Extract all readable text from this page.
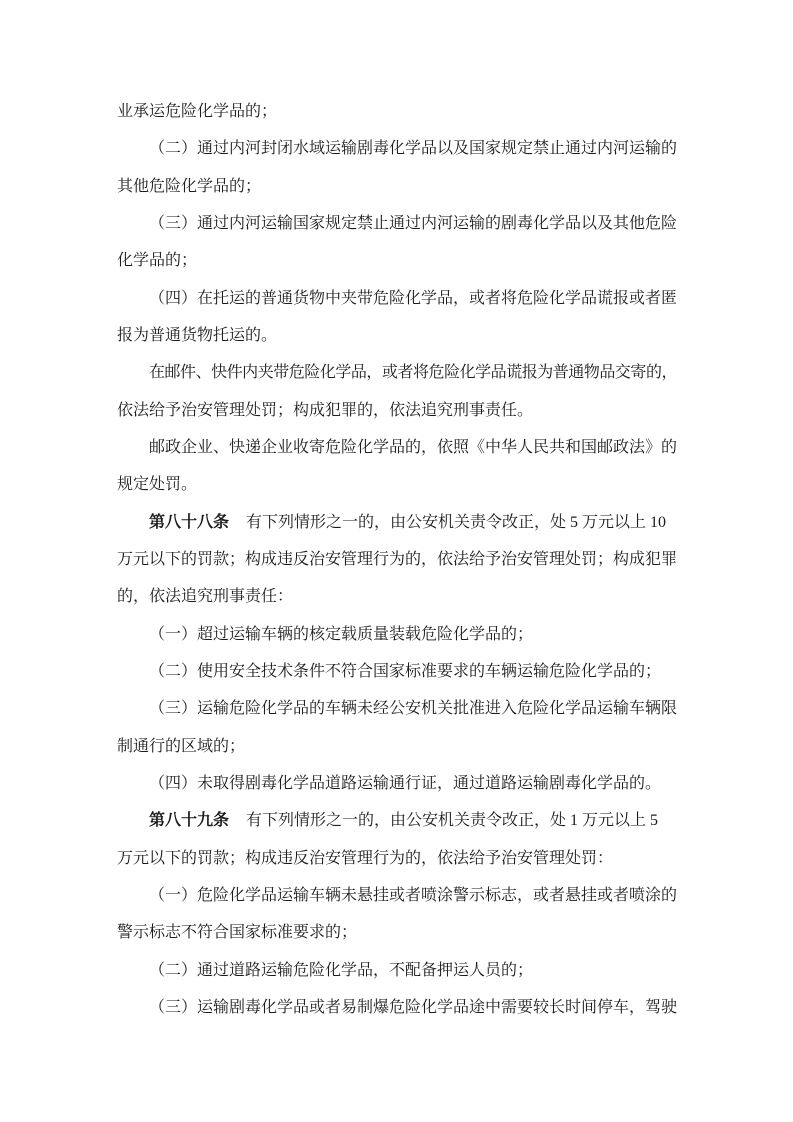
业承运危险化学品的；
（二）通过内河封闭水域运输剧毒化学品以及国家规定禁止通过内河运输的
其他危险化学品的；
（三）通过内河运输国家规定禁止通过内河运输的剧毒化学品以及其他危险
化学品的；
（四）在托运的普通货物中夹带危险化学品，或者将危险化学品谎报或者匿
报为普通货物托运的。
在邮件、快件内夹带危险化学品，或者将危险化学品谎报为普通物品交寄的，
依法给予治安管理处罚；构成犯罪的，依法追究刑事责任。
邮政企业、快递企业收寄危险化学品的，依照《中华人民共和国邮政法》的
规定处罚。
第八十八条 有下列情形之一的，由公安机关责令改正，处 5 万元以上 10
万元以下的罚款；构成违反治安管理行为的，依法给予治安管理处罚；构成犯罪
的，依法追究刑事责任：
（一）超过运输车辆的核定载质量装载危险化学品的；
（二）使用安全技术条件不符合国家标准要求的车辆运输危险化学品的；
（三）运输危险化学品的车辆未经公安机关批准进入危险化学品运输车辆限
制通行的区域的；
（四）未取得剧毒化学品道路运输通行证，通过道路运输剧毒化学品的。
第八十九条 有下列情形之一的，由公安机关责令改正，处 1 万元以上 5
万元以下的罚款；构成违反治安管理行为的，依法给予治安管理处罚：
（一）危险化学品运输车辆未悬挂或者喷涂警示标志，或者悬挂或者喷涂的
警示标志不符合国家标准要求的；
（二）通过道路运输危险化学品，不配备押运人员的；
（三）运输剧毒化学品或者易制爆危险化学品途中需要较长时间停车，驾驶
